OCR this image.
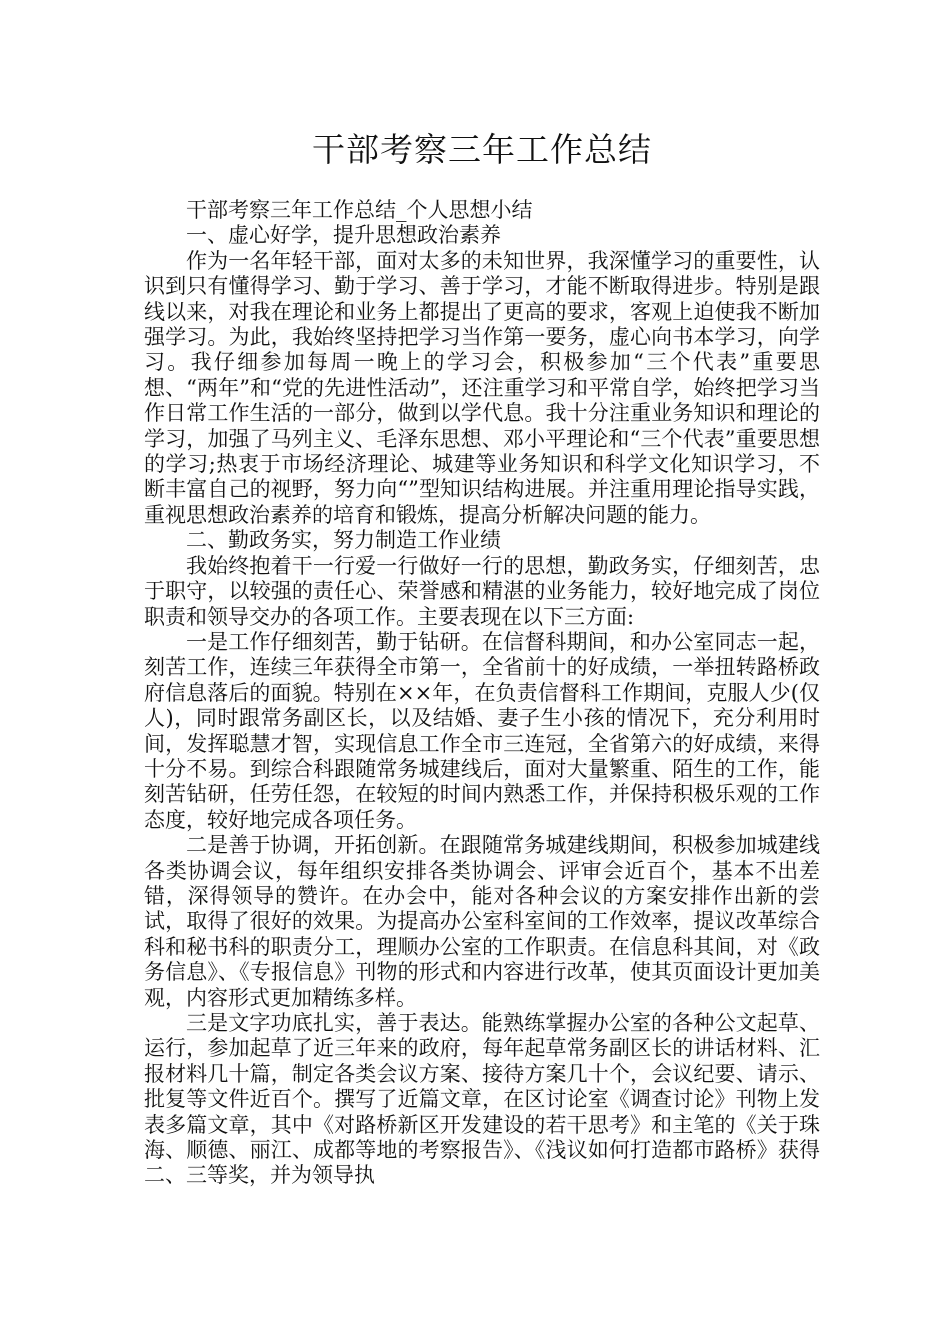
干部考察三年工作总结

干部考察三年工作总结_个人思想小结

一、虚心好学，提升思想政治素养

作为一名年轻干部，面对太多的未知世界，我深懂学习的重要性，认识到只有懂得学习、勤于学习、善于学习，才能不断取得进步。特别是跟线以来，对我在理论和业务上都提出了更高的要求，客观上迫使我不断加强学习。为此，我始终坚持把学习当作第一要务，虚心向书本学习，向学习。我仔细参加每周一晚上的学习会，积极参加“三个代表”重要思想、“两年”和“党的先进性活动”，还注重学习和平常自学，始终把学习当作日常工作生活的一部分，做到以学代息。我十分注重业务知识和理论的学习，加强了马列主义、毛泽东思想、邓小平理论和“三个代表”重要思想的学习;热衷于市场经济理论、城建等业务知识和科学文化知识学习，不断丰富自己的视野，努力向“”型知识结构进展。并注重用理论指导实践，重视思想政治素养的培育和锻炼，提高分析解决问题的能力。

二、勤政务实，努力制造工作业绩

我始终抱着干一行爱一行做好一行的思想，勤政务实，仔细刻苦，忠于职守，以较强的责任心、荣誉感和精湛的业务能力，较好地完成了岗位职责和领导交办的各项工作。主要表现在以下三方面:

一是工作仔细刻苦，勤于钻研。在信督科期间，和办公室同志一起，刻苦工作，连续三年获得全市第一，全省前十的好成绩，一举扭转路桥政府信息落后的面貌。特别在××年，在负责信督科工作期间，克服人少(仅人)，同时跟常务副区长，以及结婚、妻子生小孩的情况下，充分利用时间，发挥聪慧才智，实现信息工作全市三连冠，全省第六的好成绩，来得十分不易。到综合科跟随常务城建线后，面对大量繁重、陌生的工作，能刻苦钻研，任劳任怨，在较短的时间内熟悉工作，并保持积极乐观的工作态度，较好地完成各项任务。

二是善于协调，开拓创新。在跟随常务城建线期间，积极参加城建线各类协调会议，每年组织安排各类协调会、评审会近百个，基本不出差错，深得领导的赞许。在办会中，能对各种会议的方案安排作出新的尝试，取得了很好的效果。为提高办公室科室间的工作效率，提议改革综合科和秘书科的职责分工，理顺办公室的工作职责。在信息科其间，对《政务信息》、《专报信息》刊物的形式和内容进行改革，使其页面设计更加美观，内容形式更加精练多样。

三是文字功底扎实，善于表达。能熟练掌握办公室的各种公文起草、运行，参加起草了近三年来的政府，每年起草常务副区长的讲话材料、汇报材料几十篇，制定各类会议方案、接待方案几十个，会议纪要、请示、批复等文件近百个。撰写了近篇文章，在区讨论室《调查讨论》刊物上发表多篇文章，其中《对路桥新区开发建设的若干思考》和主笔的《关于珠海、顺德、丽江、成都等地的考察报告》、《浅议如何打造都市路桥》获得二、三等奖，并为领导执
